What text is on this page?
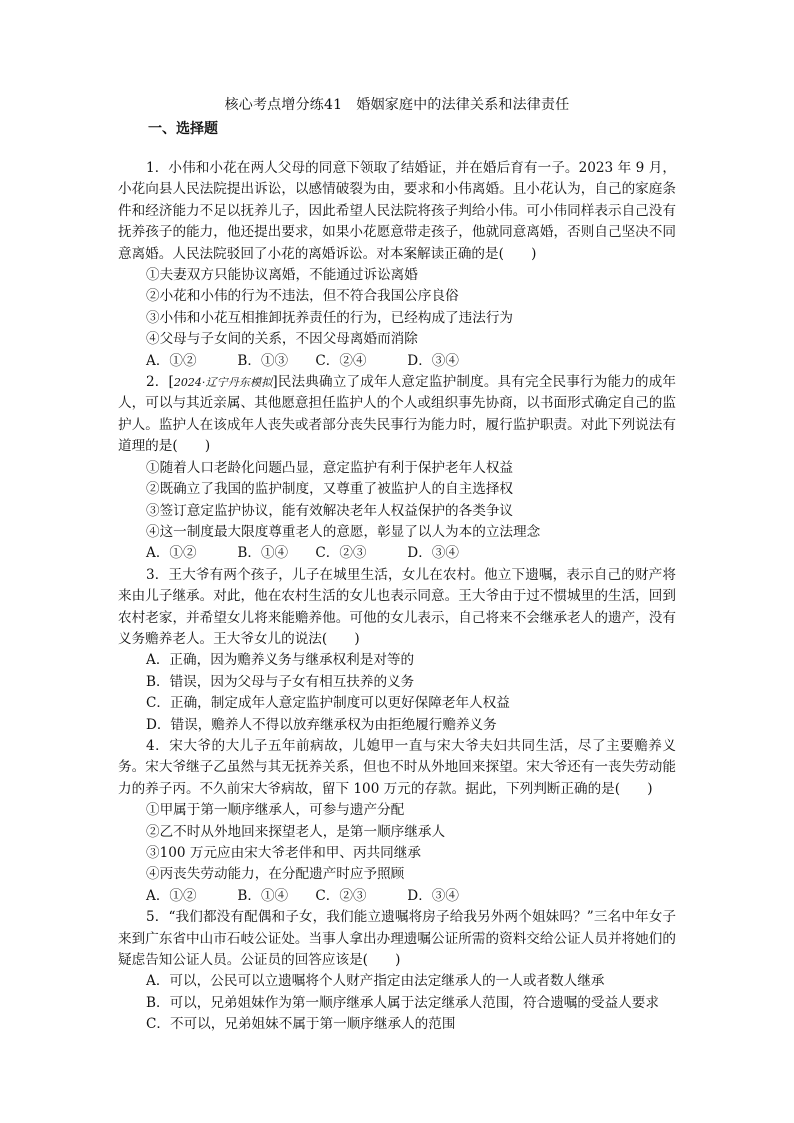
核心考点增分练41　婚姻家庭中的法律关系和法律责任
一、选择题

1．小伟和小花在两人父母的同意下领取了结婚证，并在婚后育有一子。2023 年 9 月，小花向县人民法院提出诉讼，以感情破裂为由，要求和小伟离婚。且小花认为，自己的家庭条件和经济能力不足以抚养儿子，因此希望人民法院将孩子判给小伟。可小伟同样表示自己没有抚养孩子的能力，他还提出要求，如果小花愿意带走孩子，他就同意离婚，否则自己坚决不同意离婚。人民法院驳回了小花的离婚诉讼。对本案解读正确的是(　　)

①夫妻双方只能协议离婚，不能通过诉讼离婚

②小花和小伟的行为不违法，但不符合我国公序良俗

③小伟和小花互相推卸抚养责任的行为，已经构成了违法行为

④父母与子女间的关系，不因父母离婚而消除

A．①②　　　B．①③　　C．②④　　　D．③④

2．[2024·辽宁丹东模拟]民法典确立了成年人意定监护制度。具有完全民事行为能力的成年人，可以与其近亲属、其他愿意担任监护人的个人或组织事先协商，以书面形式确定自己的监护人。监护人在该成年人丧失或者部分丧失民事行为能力时，履行监护职责。对此下列说法有道理的是(　　)

①随着人口老龄化问题凸显，意定监护有利于保护老年人权益

②既确立了我国的监护制度，又尊重了被监护人的自主选择权

③签订意定监护协议，能有效解决老年人权益保护的各类争议

④这一制度最大限度尊重老人的意愿，彰显了以人为本的立法理念

A．①②　　　B．①④　　C．②③　　　D．③④

3．王大爷有两个孩子，儿子在城里生活，女儿在农村。他立下遗嘱，表示自己的财产将来由儿子继承。对此，他在农村生活的女儿也表示同意。王大爷由于过不惯城里的生活，回到农村老家，并希望女儿将来能赡养他。可他的女儿表示，自己将来不会继承老人的遗产，没有义务赡养老人。王大爷女儿的说法(　　)

A．正确，因为赡养义务与继承权利是对等的

B．错误，因为父母与子女有相互扶养的义务

C．正确，制定成年人意定监护制度可以更好保障老年人权益

D．错误，赡养人不得以放弃继承权为由拒绝履行赡养义务

4．宋大爷的大儿子五年前病故，儿媳甲一直与宋大爷夫妇共同生活，尽了主要赡养义务。宋大爷继子乙虽然与其无抚养关系，但也不时从外地回来探望。宋大爷还有一丧失劳动能力的养子丙。不久前宋大爷病故，留下 100 万元的存款。据此，下列判断正确的是(　　)

①甲属于第一顺序继承人，可参与遗产分配

②乙不时从外地回来探望老人，是第一顺序继承人

③100 万元应由宋大爷老伴和甲、丙共同继承

④丙丧失劳动能力，在分配遗产时应予照顾

A．①②　　　B．①④　　C．②③　　　D．③④

5．“我们都没有配偶和子女，我们能立遗嘱将房子给我另外两个姐妹吗？”三名中年女子来到广东省中山市石岐公证处。当事人拿出办理遗嘱公证所需的资料交给公证人员并将她们的疑虑告知公证人员。公证员的回答应该是(　　)

A．可以，公民可以立遗嘱将个人财产指定由法定继承人的一人或者数人继承

B．可以，兄弟姐妹作为第一顺序继承人属于法定继承人范围，符合遗嘱的受益人要求

C．不可以，兄弟姐妹不属于第一顺序继承人的范围
